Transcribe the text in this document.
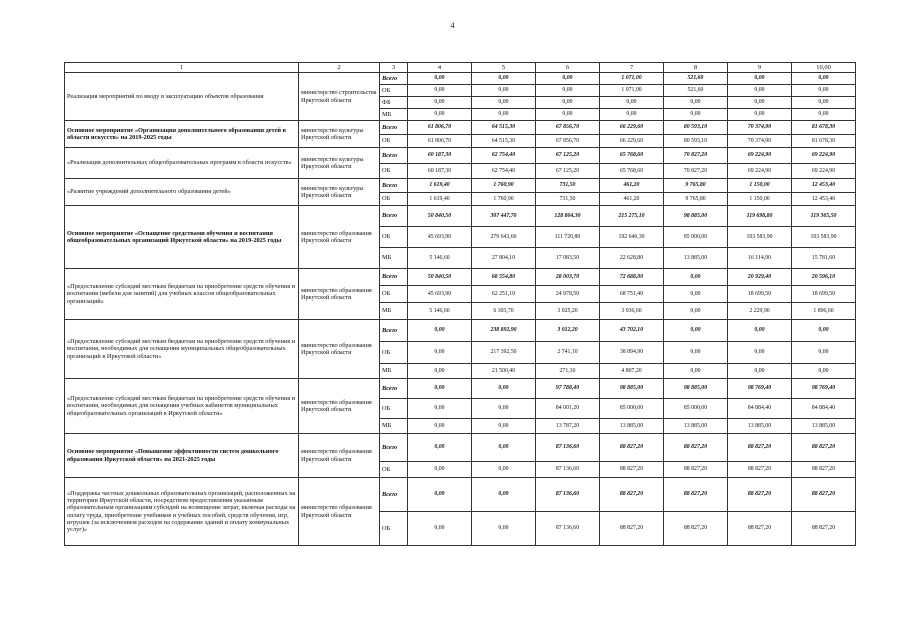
4
1	2	3	4	5	6	7	8	9	10,00
Реализация мероприятий по вводу в эксплуатацию объектов образования	министерство строительства Иркутской области	Всего	0,00	0,00	0,00	1 071,00	521,60	0,00	0,00
		ОБ	0,00	0,00	0,00	1 071,00	521,60	0,00	0,00
		ФБ	0,00	0,00	0,00	0,00	0,00	0,00	0,00
		МБ	0,00	0,00	0,00	0,00	0,00	0,00	0,00
Основное мероприятие «Организация дополнительного образования детей в области искусств» на 2019-2025 годы	министерство культуры Иркутской области	Всего	61 806,70	64 515,30	67 856,70	66 229,60	80 593,10	70 374,90	81 678,30
		ОБ	61 806,70	64 515,30	67 856,70	66 229,60	80 593,10	70 374,90	81 678,30
«Реализация дополнительных общеобразовательных программ в области искусств»	министерство культуры Иркутской области	Всего	60 187,30	62 754,40	67 125,20	65 768,60	70 827,20	69 224,90	69 224,90
		ОБ	60 187,30	62 754,40	67 125,20	65 768,60	70 827,20	69 224,90	69 224,90
«Развитие учреждений дополнительного образования детей»	министерство культуры Иркутской области	Всего	1 619,40	1 760,90	731,50	461,20	9 765,80	1 150,00	12 453,40
		ОБ	1 619,40	1 760,90	731,50	461,20	9 765,80	1 150,00	12 453,40
Основное мероприятие «Оснащение средствами обучения и воспитания общеобразовательных организаций Иркутской области» на 2019-2025 годы	министерство образования Иркутской области	Всего	50 840,50	307 447,70	128 804,30	215 275,10	98 885,00	119 698,80	119 365,50
		ОБ	45 693,90	279 643,60	111 720,80	192 646,30	85 000,00	103 583,90	103 583,90
		МБ	5 146,60	27 804,10	17 083,50	22 628,80	13 885,00	16 114,90	15 781,60
«Предоставление субсидий местным бюджетам на приобретение средств обучения и воспитания (мебели для занятий) для учебных классов общеобразовательных организаций»	министерство образования Иркутской области	Всего	50 840,50	68 554,80	28 003,70	72 688,00	0,00	20 929,40	20 596,10
		ОБ	45 693,90	62 251,10	24 978,50	68 751,40	0,00	18 699,50	18 699,50
		МБ	5 146,60	6 303,70	3 025,20	3 936,60	0,00	2 229,90	1 896,60
«Предоставление субсидий местным бюджетам на приобретение средств обучения и воспитания, необходимых для оснащения муниципальных общеобразовательных организаций в Иркутской области»	министерство образования Иркутской области	Всего	0,00	238 892,90	3 012,20	43 702,10	0,00	0,00	0,00
		ОБ	0,00	217 392,50	2 741,10	38 894,90	0,00	0,00	0,00
		МБ	0,00	21 500,40	271,10	4 807,20	0,00	0,00	0,00
«Предоставление субсидий местным бюджетам на приобретение средств обучения и воспитания, необходимых для оснащения учебных кабинетов муниципальных общеобразовательных организаций в Иркутской области»	министерство образования Иркутской области	Всего	0,00	0,00	97 788,40	98 885,00	98 885,00	98 769,40	98 769,40
		ОБ	0,00	0,00	84 001,20	85 000,00	85 000,00	84 884,40	84 884,40
		МБ	0,00	0,00	13 787,20	13 885,00	13 885,00	13 885,00	13 885,00
Основное мероприятие «Повышение эффективности систем дошкольного образования Иркутской области» на 2021-2025 годы	министерство образования Иркутской области	Всего	0,00	0,00	87 136,60	88 827,20	88 827,20	88 827,20	88 827,20
		ОБ	0,00	0,00	87 136,60	88 827,20	88 827,20	88 827,20	88 827,20
«Поддержка частных дошкольных образовательных организаций, расположенных на территории Иркутской области, посредством предоставления указанным образовательным организациям субсидий на возмещение затрат, включая расходы на оплату труда, приобретение учебников и учебных пособий, средств обучения, игр, игрушек (за исключением расходов на содержание зданий и оплату коммунальных услуг)»	министерство образования Иркутской области	Всего	0,00	0,00	87 136,60	88 827,20	88 827,20	88 827,20	88 827,20
		ОБ	0,00	0,00	87 136,60	88 827,20	88 827,20	88 827,20	88 827,20
